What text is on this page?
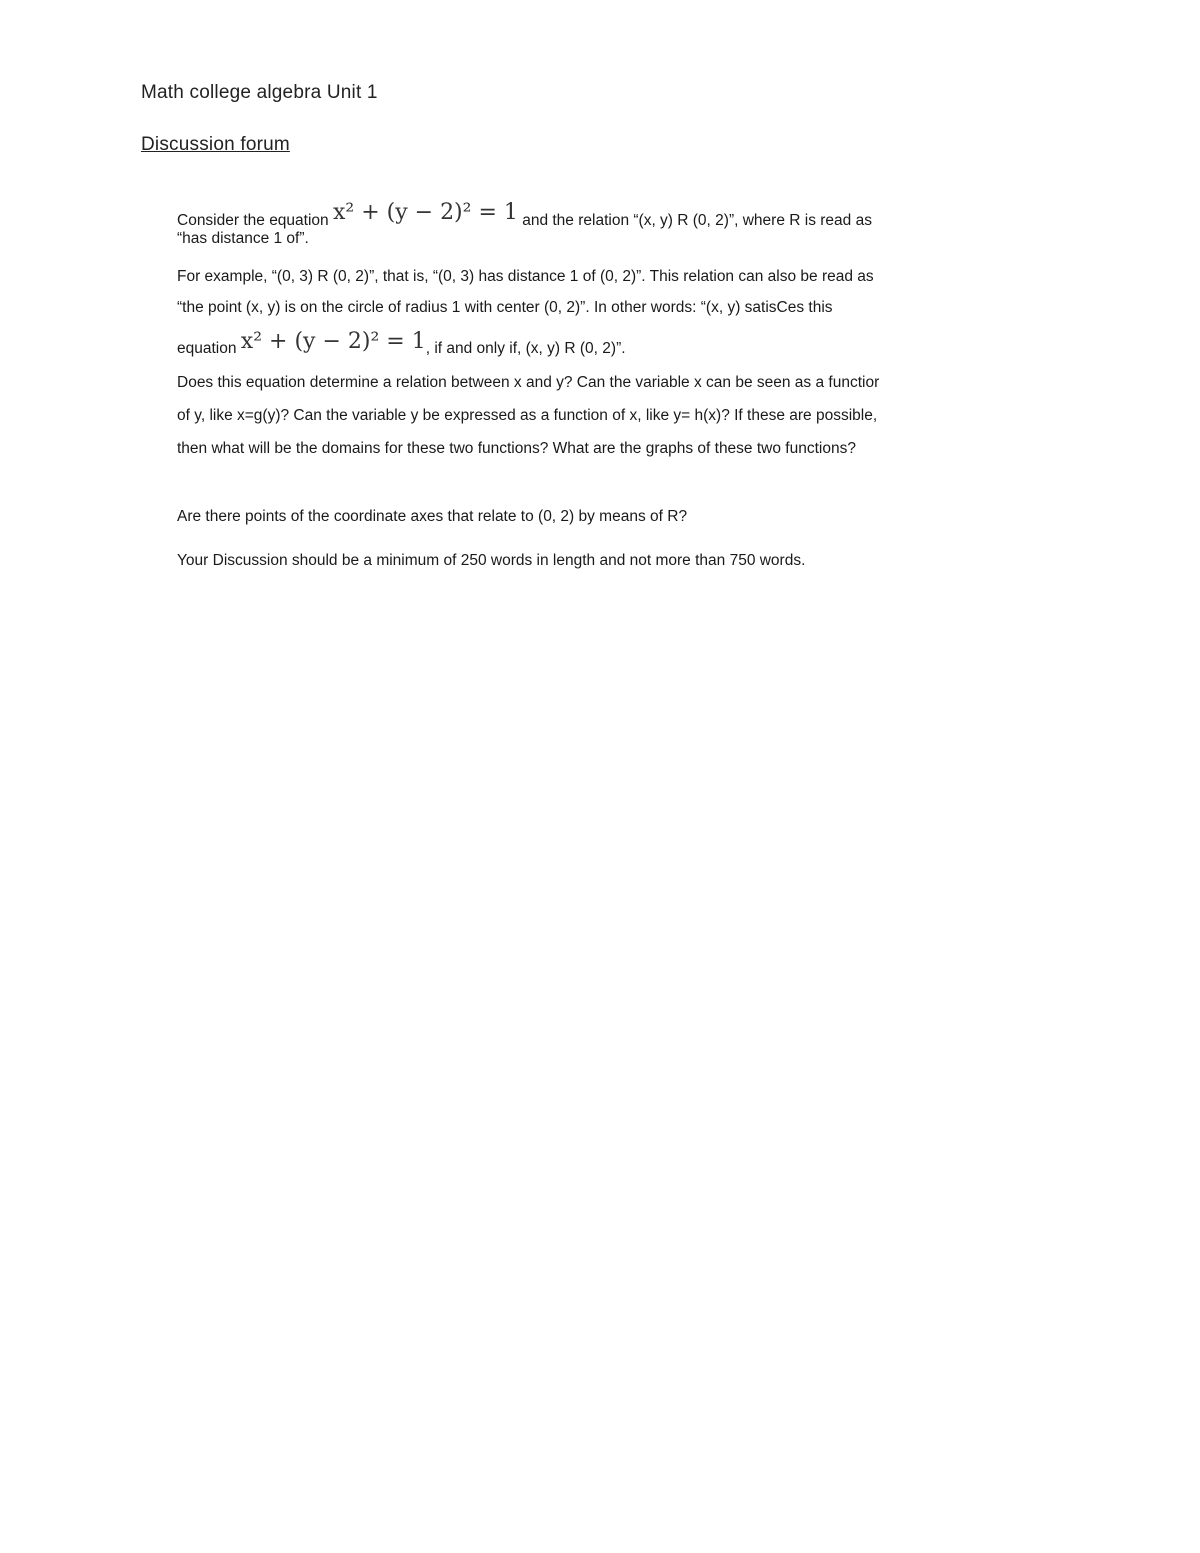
Math college algebra Unit 1
Discussion forum
Consider the equation x² + (y − 2)² = 1 and the relation “(x, y) R (0, 2)”, where R is read as
“has distance 1 of”.
For example, “(0, 3) R (0, 2)”, that is, “(0, 3) has distance 1 of (0, 2)”. This relation can also be read as
“the point (x, y) is on the circle of radius 1 with center (0, 2)”. In other words: “(x, y) satisCes this
equation x² + (y − 2)² = 1, if and only if, (x, y) R (0, 2)”.
Does this equation determine a relation between x and y? Can the variable x can be seen as a functior
of y, like x=g(y)? Can the variable y be expressed as a function of x, like y= h(x)? If these are possible,
then what will be the domains for these two functions? What are the graphs of these two functions?
Are there points of the coordinate axes that relate to (0, 2) by means of R?
Your Discussion should be a minimum of 250 words in length and not more than 750 words.
